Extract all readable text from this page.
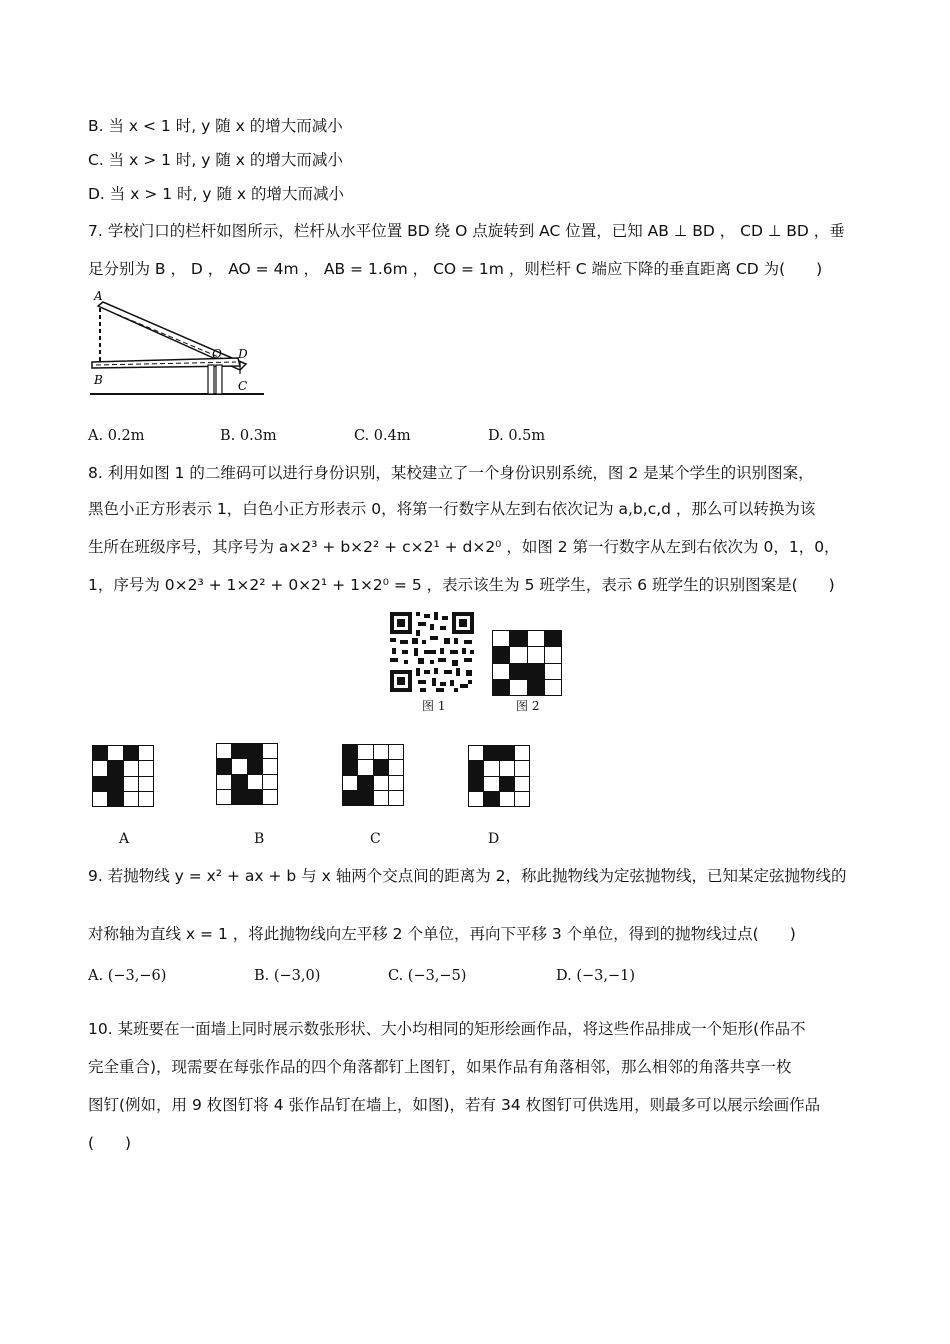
B. 当 x < 1 时, y 随 x 的增大而减小
C. 当 x > 1 时, y 随 x 的增大而减小
D. 当 x > 1 时, y 随 x 的增大而减小
7. 学校门口的栏杆如图所示，栏杆从水平位置 BD 绕 O 点旋转到 AC 位置，已知 AB ⊥ BD ， CD ⊥ BD ，垂
足分别为 B ， D ， AO = 4m ， AB = 1.6m ， CO = 1m ，则栏杆 C 端应下降的垂直距离 CD 为(　　)
A
B
O D
C
A. 0.2m	B. 0.3m	C. 0.4m	D. 0.5m
8. 利用如图 1 的二维码可以进行身份识别，某校建立了一个身份识别系统，图 2 是某个学生的识别图案，
黑色小正方形表示 1，白色小正方形表示 0，将第一行数字从左到右依次记为 a,b,c,d ，那么可以转换为该
生所在班级序号，其序号为 a×2³ + b×2² + c×2¹ + d×2⁰ ，如图 2 第一行数字从左到右依次为 0，1，0，
1，序号为 0×2³ + 1×2² + 0×2¹ + 1×2⁰ = 5 ，表示该生为 5 班学生，表示 6 班学生的识别图案是(　　)
图 1	图 2
A	B	C	D
9. 若抛物线 y = x² + ax + b 与 x 轴两个交点间的距离为 2，称此抛物线为定弦抛物线，已知某定弦抛物线的
对称轴为直线 x = 1 ，将此抛物线向左平移 2 个单位，再向下平移 3 个单位，得到的抛物线过点(　　)
A. (−3,−6)	B. (−3,0)	C. (−3,−5)	D. (−3,−1)
10. 某班要在一面墙上同时展示数张形状、大小均相同的矩形绘画作品，将这些作品排成一个矩形(作品不
完全重合)，现需要在每张作品的四个角落都钉上图钉，如果作品有角落相邻，那么相邻的角落共享一枚
图钉(例如，用 9 枚图钉将 4 张作品钉在墙上，如图)，若有 34 枚图钉可供选用，则最多可以展示绘画作品
(　　)
